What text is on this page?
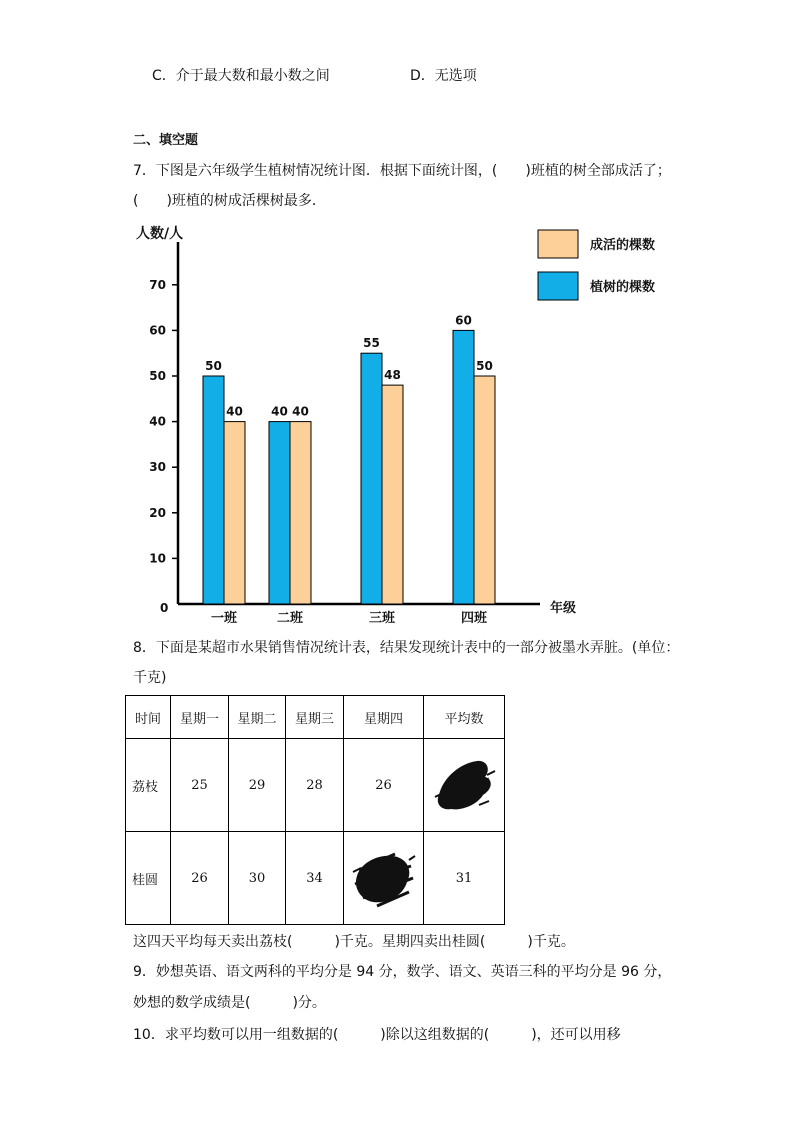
C．介于最大数和最小数之间	D．无选项
二、填空题
7．下图是六年级学生植树情况统计图．根据下面统计图，(　　)班植的树全部成活了；
(　　)班植的树成活棵树最多．
人数/人
年级
0
10
20
30
40
50
60
70
50
40
一班
40 40
二班
55
48
三班
60
50
四班
成活的棵数
植树的棵数
8．下面是某超市水果销售情况统计表，结果发现统计表中的一部分被墨水弄脏。(单位：
千克)
时间	星期一	星期二	星期三	星期四	平均数
荔枝	25	29	28	26	

桂圆	26	30	34		31
这四天平均每天卖出荔枝(　　　)千克。星期四卖出桂圆(　　　)千克。
9．妙想英语、语文两科的平均分是 94 分，数学、语文、英语三科的平均分是 96 分，
妙想的数学成绩是(　　　)分。
10．求平均数可以用一组数据的(　　　)除以这组数据的(　　　)，还可以用移
